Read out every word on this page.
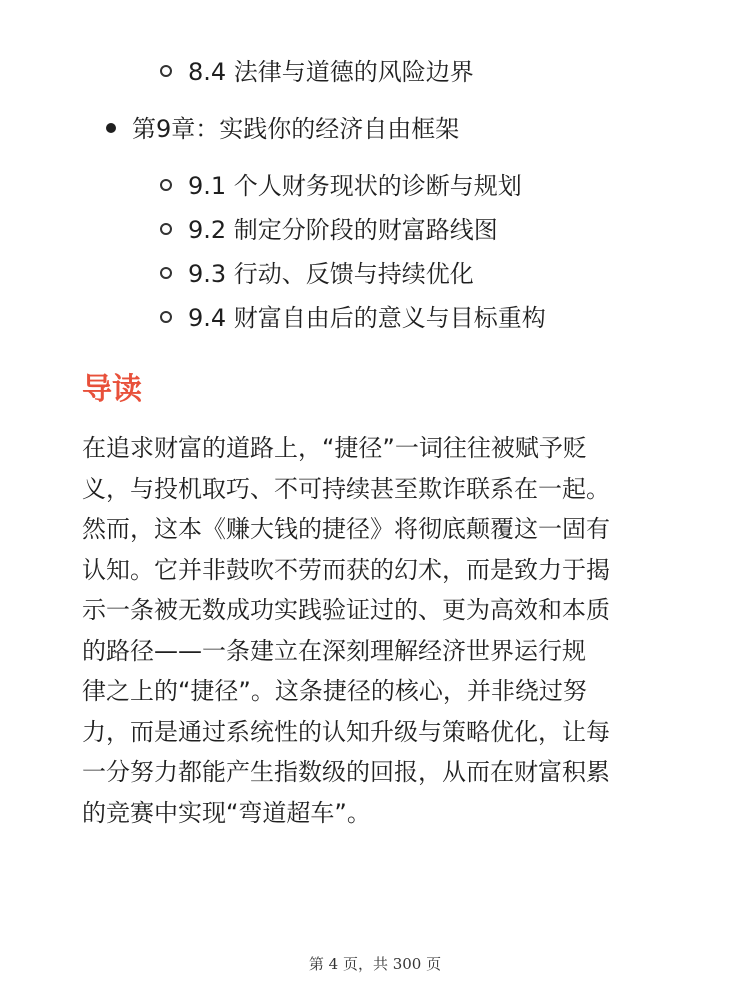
8.4 法律与道德的风险边界
第9章：实践你的经济自由框架
9.1 个人财务现状的诊断与规划
9.2 制定分阶段的财富路线图
9.3 行动、反馈与持续优化
9.4 财富自由后的意义与目标重构
导读
在追求财富的道路上，“捷径”一词往往被赋予贬
义，与投机取巧、不可持续甚至欺诈联系在一起。
然而，这本《赚大钱的捷径》将彻底颠覆这一固有
认知。它并非鼓吹不劳而获的幻术，而是致力于揭
示一条被无数成功实践验证过的、更为高效和本质
的路径——一条建立在深刻理解经济世界运行规
律之上的“捷径”。这条捷径的核心，并非绕过努
力，而是通过系统性的认知升级与策略优化，让每
一分努力都能产生指数级的回报，从而在财富积累
的竞赛中实现“弯道超车”。
第 4 页，共 300 页
